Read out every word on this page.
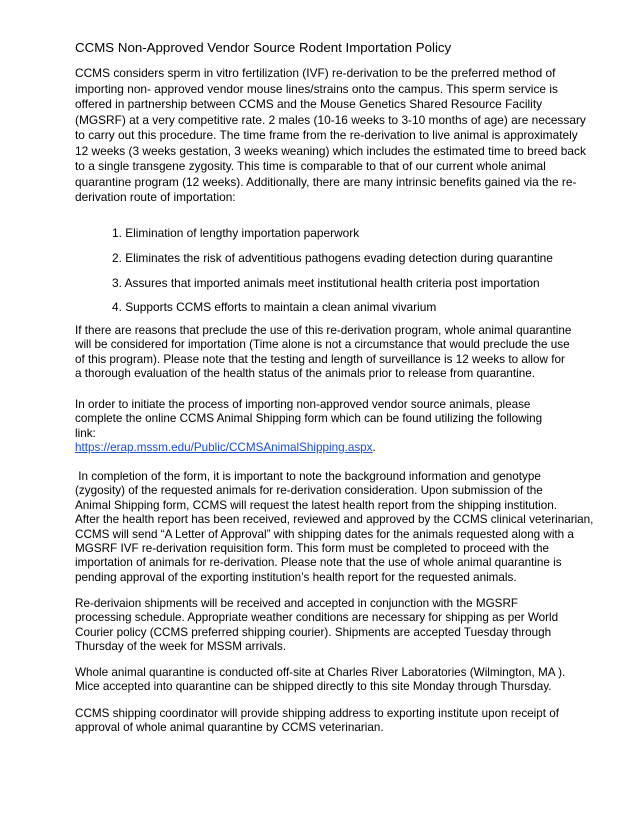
CCMS Non-Approved Vendor Source Rodent Importation Policy
CCMS considers sperm in vitro fertilization (IVF) re-derivation to be the preferred method of
importing non- approved vendor mouse lines/strains onto the campus. This sperm service is
offered in partnership between CCMS and the Mouse Genetics Shared Resource Facility
(MGSRF) at a very competitive rate. 2 males (10-16 weeks to 3-10 months of age) are necessary
to carry out this procedure. The time frame from the re-derivation to live animal is approximately
12 weeks (3 weeks gestation, 3 weeks weaning) which includes the estimated time to breed back
to a single transgene zygosity. This time is comparable to that of our current whole animal
quarantine program (12 weeks). Additionally, there are many intrinsic benefits gained via the re-
derivation route of importation:
1. Elimination of lengthy importation paperwork
2. Eliminates the risk of adventitious pathogens evading detection during quarantine
3. Assures that imported animals meet institutional health criteria post importation
4. Supports CCMS efforts to maintain a clean animal vivarium
If there are reasons that preclude the use of this re-derivation program, whole animal quarantine
will be considered for importation (Time alone is not a circumstance that would preclude the use
of this program). Please note that the testing and length of surveillance is 12 weeks to allow for
a thorough evaluation of the health status of the animals prior to release from quarantine.
In order to initiate the process of importing non-approved vendor source animals, please
complete the online CCMS Animal Shipping form which can be found utilizing the following
link:
https://erap.mssm.edu/Public/CCMSAnimalShipping.aspx.
In completion of the form, it is important to note the background information and genotype
(zygosity) of the requested animals for re-derivation consideration. Upon submission of the
Animal Shipping form, CCMS will request the latest health report from the shipping institution.
After the health report has been received, reviewed and approved by the CCMS clinical veterinarian,
CCMS will send “A Letter of Approval” with shipping dates for the animals requested along with a
MGSRF IVF re-derivation requisition form. This form must be completed to proceed with the
importation of animals for re-derivation. Please note that the use of whole animal quarantine is
pending approval of the exporting institution’s health report for the requested animals.
Re-derivaion shipments will be received and accepted in conjunction with the MGSRF
processing schedule. Appropriate weather conditions are necessary for shipping as per World
Courier policy (CCMS preferred shipping courier). Shipments are accepted Tuesday through
Thursday of the week for MSSM arrivals.
Whole animal quarantine is conducted off-site at Charles River Laboratories (Wilmington, MA ).
Mice accepted into quarantine can be shipped directly to this site Monday through Thursday.
CCMS shipping coordinator will provide shipping address to exporting institute upon receipt of
approval of whole animal quarantine by CCMS veterinarian.
